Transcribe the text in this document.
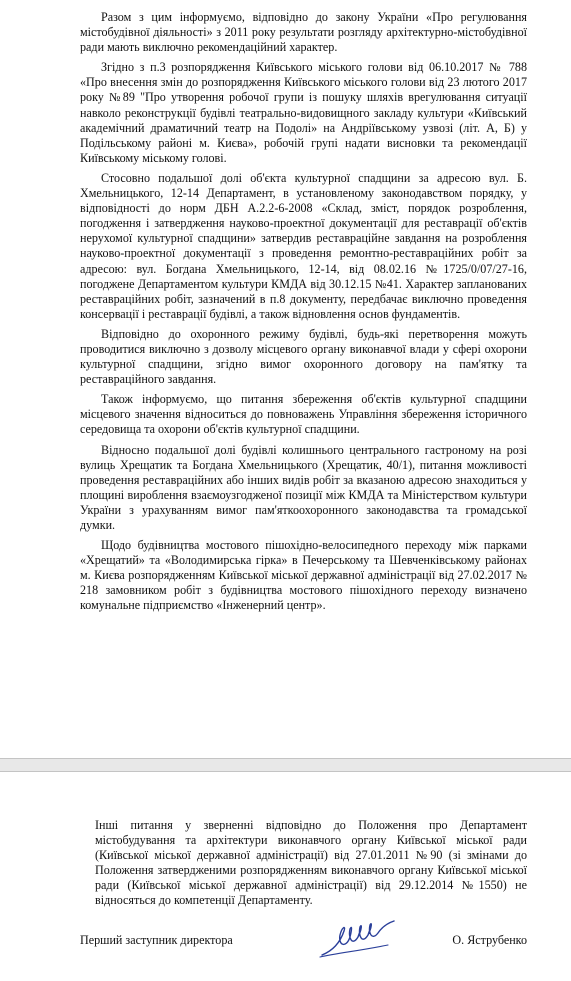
Разом з цим інформуємо, відповідно до закону України «Про регулювання містобудівної діяльності» з 2011 року результати розгляду архітектурно-містобудівної ради мають виключно рекомендаційний характер.

Згідно з п.3 розпорядження Київського міського голови від 06.10.2017 № 788 «Про внесення змін до розпорядження Київського міського голови від 23 лютого 2017 року №89 "Про утворення робочої групи із пошуку шляхів врегулювання ситуації навколо реконструкції будівлі театрально-видовищного закладу культури «Київський академічний драматичний театр на Подолі» на Андріївському узвозі (літ. А, Б) у Подільському районі м. Києва», робочій групі надати висновки та рекомендації Київському міському голові.

Стосовно подальшої долі об'єкта культурної спадщини за адресою вул. Б. Хмельницького, 12-14 Департамент, в установленому законодавством порядку, у відповідності до норм ДБН А.2.2-6-2008 «Склад, зміст, порядок розроблення, погодження і затвердження науково-проектної документації для реставрації об'єктів нерухомої культурної спадщини» затвердив реставраційне завдання на розроблення науково-проектної документації з проведення ремонтно-реставраційних робіт за адресою: вул. Богдана Хмельницького, 12-14, від 08.02.16 №1725/0/07/27-16, погоджене Департаментом культури КМДА від 30.12.15 №41. Характер запланованих реставраційних робіт, зазначений в п.8 документу, передбачає виключно проведення консервації і реставрації будівлі, а також відновлення основ фундаментів.

Відповідно до охоронного режиму будівлі, будь-які перетворення можуть проводитися виключно з дозволу місцевого органу виконавчої влади у сфері охорони культурної спадщини, згідно вимог охоронного договору на пам'ятку та реставраційного завдання.

Також інформуємо, що питання збереження об'єктів культурної спадщини місцевого значення відноситься до повноважень Управління збереження історичного середовища та охорони об'єктів культурної спадщини.

Відносно подальшої долі будівлі колишнього центрального гастроному на розі вулиць Хрещатик та Богдана Хмельницького (Хрещатик, 40/1), питання можливості проведення реставраційних або інших видів робіт за вказаною адресою знаходиться у площині вироблення взаємоузгодженої позиції між КМДА та Міністерством культури України з урахуванням вимог пам'яткоохоронного законодавства та громадської думки.

Щодо будівництва мостового пішохідно-велосипедного переходу між парками «Хрещатий» та «Володимирська гірка» в Печерському та Шевченківському районах м. Києва розпорядженням Київської міської державної адміністрації від 27.02.2017 № 218 замовником робіт з будівництва мостового пішохідного переходу визначено комунальне підприємство «Інженерний центр».

Інші питання у зверненні відповідно до Положення про Департамент містобудування та архітектури виконавчого органу Київської міської ради (Київської міської державної адміністрації) від 27.01.2011 №90 (зі змінами до Положення затвердженими розпорядженням виконавчого органу Київської міської ради (Київської міської державної адміністрації) від 29.12.2014 №1550) не відносяться до компетенції Департаменту.

Перший заступник директора	О. Яструбенко
